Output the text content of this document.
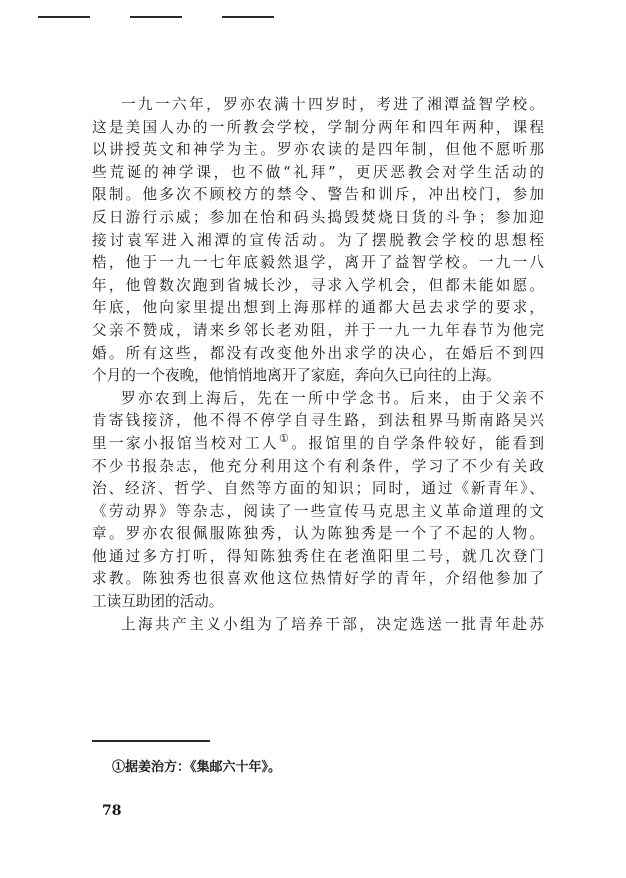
一九一六年，罗亦农满十四岁时，考进了湘潭益智学校。
这是美国人办的一所教会学校，学制分两年和四年两种，课程
以讲授英文和神学为主。罗亦农读的是四年制，但他不愿听那
些荒诞的神学课，也不做“礼拜”，更厌恶教会对学生活动的
限制。他多次不顾校方的禁令、警告和训斥，冲出校门，参加
反日游行示威；参加在怡和码头捣毁焚烧日货的斗争；参加迎
接讨袁军进入湘潭的宣传活动。为了摆脱教会学校的思想桎
梏，他于一九一七年底毅然退学，离开了益智学校。一九一八
年，他曾数次跑到省城长沙，寻求入学机会，但都未能如愿。
年底，他向家里提出想到上海那样的通都大邑去求学的要求，
父亲不赞成，请来乡邻长老劝阻，并于一九一九年春节为他完
婚。所有这些，都没有改变他外出求学的决心，在婚后不到四
个月的一个夜晚，他悄悄地离开了家庭，奔向久已向往的上海。
罗亦农到上海后，先在一所中学念书。后来，由于父亲不
肯寄钱接济，他不得不停学自寻生路，到法租界马斯南路吴兴
里一家小报馆当校对工人①。报馆里的自学条件较好，能看到
不少书报杂志，他充分利用这个有利条件，学习了不少有关政
治、经济、哲学、自然等方面的知识；同时，通过《新青年》、
《劳动界》等杂志，阅读了一些宣传马克思主义革命道理的文
章。罗亦农很佩服陈独秀，认为陈独秀是一个了不起的人物。
他通过多方打听，得知陈独秀住在老渔阳里二号，就几次登门
求教。陈独秀也很喜欢他这位热情好学的青年，介绍他参加了
工读互助团的活动。
上海共产主义小组为了培养干部，决定选送一批青年赴苏
①据姜治方：《集邮六十年》。
78
